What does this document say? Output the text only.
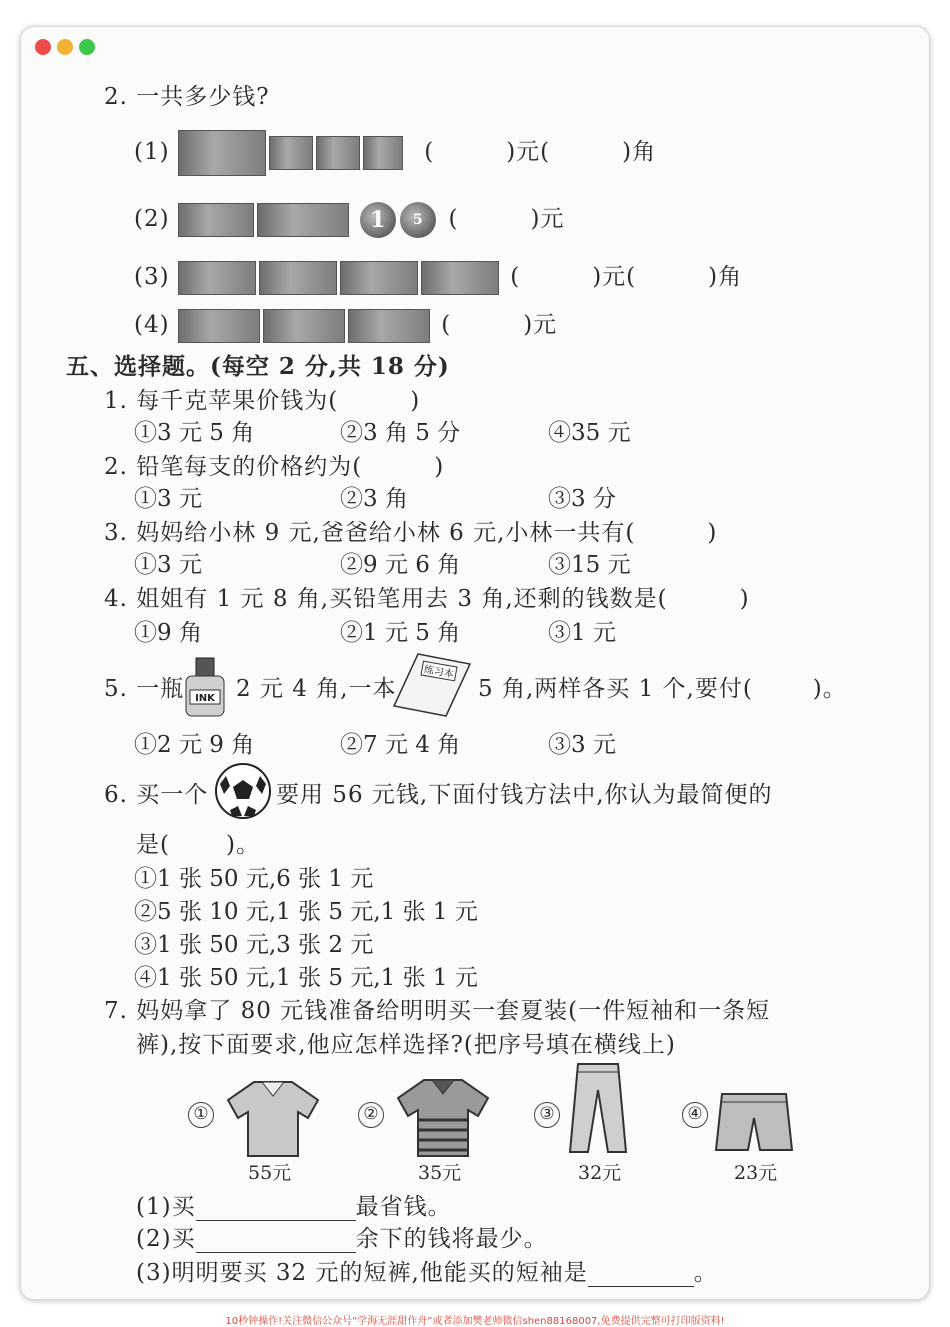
2. 一共多少钱?
(1)	(	)元(	)角
(2)	1 5 (	)元
(3)	(	)元(	)角
(4)	(	)元
五、选择题。(每空 2 分,共 18 分)
1. 每千克苹果价钱为(	)
①3 元 5 角	②3 角 5 分	④35 元
2. 铅笔每支的价格约为(	)
①3 元	②3 角	③3 分
3. 妈妈给小林 9 元,爸爸给小林 6 元,小林一共有(	)
①3 元	②9 元 6 角	③15 元
4. 姐姐有 1 元 8 角,买铅笔用去 3 角,还剩的钱数是(	)
①9 角	②1 元 5 角	③1 元
5. 一瓶 INK 2 元 4 角,一本
练习本
5 角,两样各买 1 个,要付(	)。
①2 元 9 角	②7 元 4 角	③3 元
6. 买一个	要用 56 元钱,下面付钱方法中,你认为最简便的
是( )。
①1 张 50 元,6 张 1 元
②5 张 10 元,1 张 5 元,1 张 1 元
③1 张 50 元,3 张 2 元
④1 张 50 元,1 张 5 元,1 张 1 元
7. 妈妈拿了 80 元钱准备给明明买一套夏装(一件短袖和一条短
裤),按下面要求,他应怎样选择?(把序号填在横线上)
①
55元
②
35元
③
32元
④
23元
(1)买	最省钱。
(2)买	余下的钱将最少。
(3)明明要买 32 元的短裤,他能买的短袖是	。
10秒钟操作!关注微信公众号“学海无涯甜作舟”或者添加樊老师微信shen88168007,免费提供完整可打印版资料!
